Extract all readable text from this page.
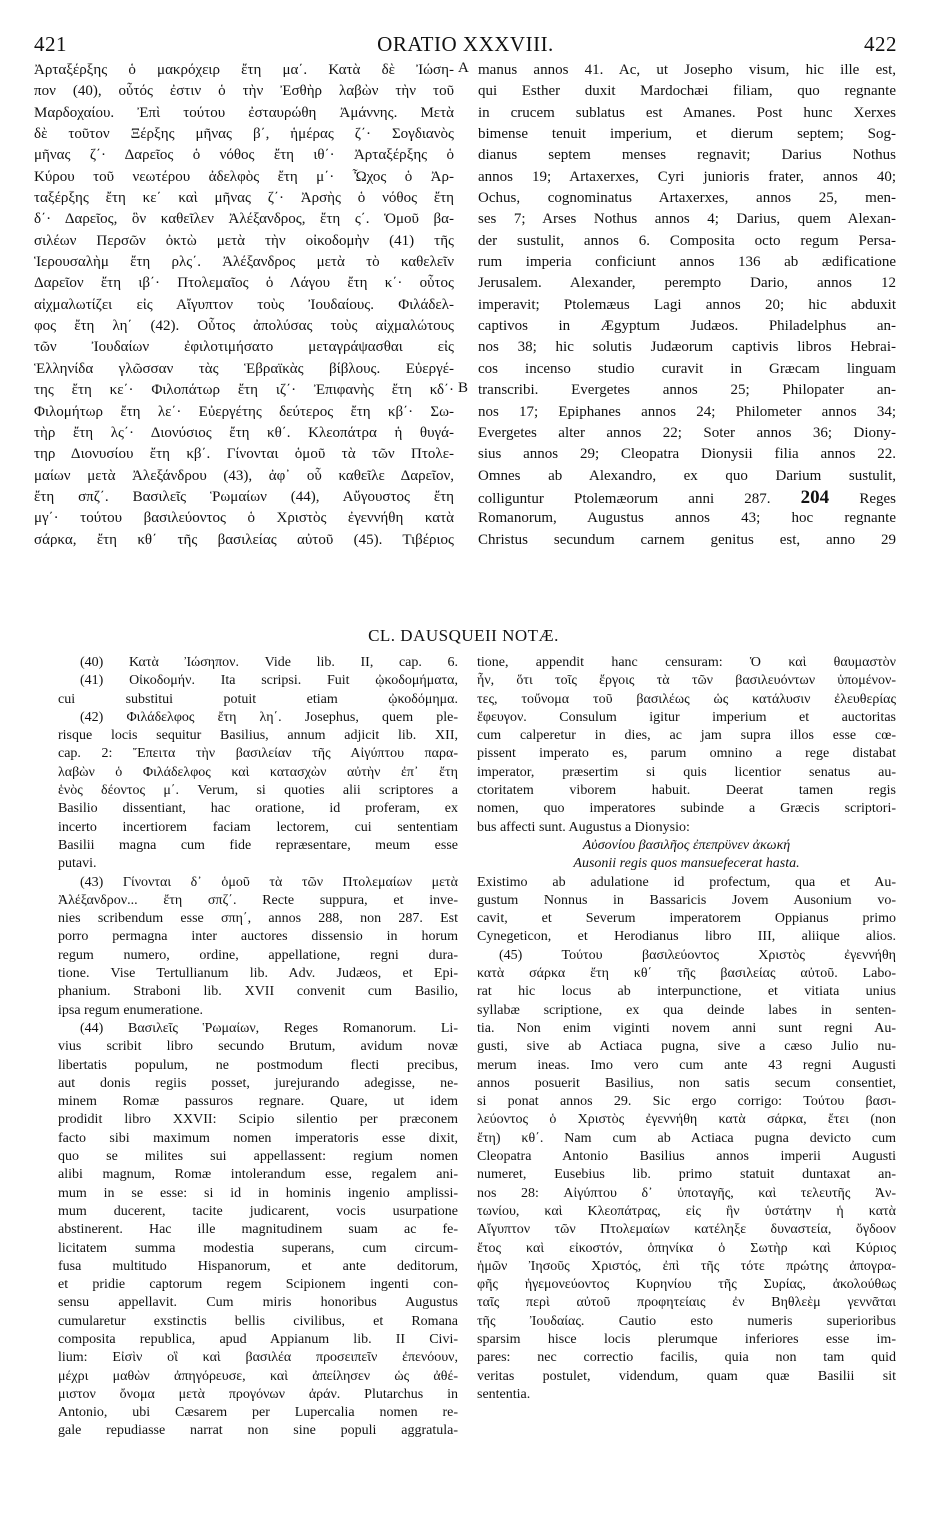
421	ORATIO XXXVIII.	422
Ἀρταξέρξης ὁ μακρόχειρ ἔτη μα΄. Κατὰ δὲ Ἰώση-
πον (40), οὗτός ἐστιν ὁ τὴν Ἐσθὴρ λαβὼν τὴν τοῦ
Μαρδοχαίου. Ἐπὶ τούτου ἐσταυρώθη Ἀμάννης. Μετὰ
δὲ τοῦτον Ξέρξης μῆνας β΄, ἡμέρας ζ΄· Σογδιανὸς
μῆνας ζ΄· Δαρεῖος ὁ νόθος ἔτη ιθ΄· Ἀρταξέρξης ὁ
Κύρου τοῦ νεωτέρου ἀδελφὸς ἔτη μ΄· Ὦχος ὁ Ἀρ-
ταξέρξης ἔτη κε΄ καὶ μῆνας ζ΄· Ἀρσὴς ὁ νόθος ἔτη
δ΄· Δαρεῖος, ὃν καθεῖλεν Ἀλέξανδρος, ἔτη ς΄. Ὁμοῦ βα-
σιλέων Περσῶν ὀκτὼ μετὰ τὴν οἰκοδομὴν (41) τῆς
Ἱερουσαλὴμ ἔτη ρλς΄. Ἀλέξανδρος μετὰ τὸ καθελεῖν
Δαρεῖον ἔτη ιβ΄· Πτολεμαῖος ὁ Λάγου ἔτη κ΄· οὗτος
αἰχμαλωτίζει εἰς Αἴγυπτον τοὺς Ἰουδαίους. Φιλάδελ-
φος ἔτη λη΄ (42). Οὗτος ἀπολύσας τοὺς αἰχμαλώτους
τῶν Ἰουδαίων ἐφιλοτιμήσατο μεταγράψασθαι εἰς
Ἑλληνίδα γλῶσσαν τὰς Ἑβραϊκὰς βίβλους. Εὐεργέ-
της ἔτη κε΄· Φιλοπάτωρ ἔτη ιζ΄· Ἐπιφανὴς ἔτη κδ΄·
Φιλομήτωρ ἔτη λε΄· Εὐεργέτης δεύτερος ἔτη κβ΄· Σω-
τὴρ ἔτη λς΄· Διονύσιος ἔτη κθ΄. Κλεοπάτρα ἡ θυγά-
τηρ Διονυσίου ἔτη κβ΄. Γίνονται ὁμοῦ τὰ τῶν Πτολε-
μαίων μετὰ Ἀλεξάνδρου (43), ἀφ᾽ οὗ καθεῖλε Δαρεῖον,
ἔτη σπζ΄. Βασιλεῖς Ῥωμαίων (44), Αὔγουστος ἔτη
μγ΄· τούτου βασιλεύοντος ὁ Χριστὸς ἐγεννήθη κατὰ
σάρκα, ἔτη κθ΄ τῆς βασιλείας αὐτοῦ (45). Τιβέριος
manus annos 41. Ac, ut Josepho visum, hic ille est,
qui Esther duxit Mardochæi filiam, quo regnante
in crucem sublatus est Amanes. Post hunc Xerxes
bimense tenuit imperium, et dierum septem; Sog-
dianus septem menses regnavit; Darius Nothus
annos 19; Artaxerxes, Cyri junioris frater, annos 40;
Ochus, cognominatus Artaxerxes, annos 25, men-
ses 7; Arses Nothus annos 4; Darius, quem Alexan-
der sustulit, annos 6. Composita octo regum Persa-
rum imperia conficiunt annos 136 ab ædificatione
Jerusalem. Alexander, perempto Dario, annos 12
imperavit; Ptolemæus Lagi annos 20; hic abduxit
captivos in Ægyptum Judæos. Philadelphus an-
nos 38; hic solutis Judæorum captivis libros Hebrai-
cos incenso studio curavit in Græcam linguam
transcribi. Evergetes annos 25; Philopater an-
nos 17; Epiphanes annos 24; Philometer annos 34;
Evergetes alter annos 22; Soter annos 36; Diony-
sius annos 29; Cleopatra Dionysii filia annos 22.
Omnes ab Alexandro, ex quo Darium sustulit,
colliguntur Ptolemæorum anni 287. 204 Reges
Romanorum, Augustus annos 43; hoc regnante
Christus secundum carnem genitus est, anno 29
A
B
CL. DAUSQUEII NOTÆ.
(40) Κατὰ Ἰώσηπον. Vide lib. II, cap. 6.
(41) Οἰκοδομήν. Ita scripsi. Fuit ᾠκοδομήματα,
cui substitui potuit etiam ᾠκοδόμημα.
(42) Φιλάδελφος ἔτη λη΄. Josephus, quem ple-
risque locis sequitur Basilius, annum adjicit lib. XII,
cap. 2: Ἔπειτα τὴν βασιλείαν τῆς Αἰγύπτου παρα-
λαβὼν ὁ Φιλάδελφος καὶ κατασχὼν αὐτὴν ἐπ᾽ ἔτη
ἑνὸς δέοντος μ΄. Verum, si quoties alii scriptores a
Basilio dissentiant, hac oratione, id proferam, ex
incerto incertiorem faciam lectorem, cui sententiam
Basilii magna cum fide repræsentare, meum esse
putavi.
(43) Γίνονται δ᾽ ὁμοῦ τὰ τῶν Πτολεμαίων μετὰ
Ἀλέξανδρον... ἔτη σπζ΄. Recte suppura, et inve-
nies scribendum esse σπη΄, annos 288, non 287. Est
porro permagna inter auctores dissensio in horum
regum numero, ordine, appellatione, regni dura-
tione. Vise Tertullianum lib. Adv. Judæos, et Epi-
phanium. Straboni lib. XVII convenit cum Basilio,
ipsa regum enumeratione.
(44) Βασιλεῖς Ῥωμαίων, Reges Romanorum. Li-
vius scribit libro secundo Brutum, avidum novæ
libertatis populum, ne postmodum flecti precibus,
aut donis regiis posset, jurejurando adegisse, ne-
minem Romæ passuros regnare. Quare, ut idem
prodidit libro XXVII: Scipio silentio per præconem
facto sibi maximum nomen imperatoris esse dixit,
quo se milites sui appellassent: regium nomen
alibi magnum, Romæ intolerandum esse, regalem ani-
mum in se esse: si id in hominis ingenio amplissi-
mum ducerent, tacite judicarent, vocis usurpatione
abstinerent. Hac ille magnitudinem suam ac fe-
licitatem summa modestia superans, cum circum-
fusa multitudo Hispanorum, et ante deditorum,
et pridie captorum regem Scipionem ingenti con-
sensu appellavit. Cum miris honoribus Augustus
cumularetur exstinctis bellis civilibus, et Romana
composita republica, apud Appianum lib. II Civi-
lium: Εἰσὶν οἳ καὶ βασιλέα προσειπεῖν ἐπενόουν,
μέχρι μαθὼν ἀπηγόρευσε, καὶ ἀπείλησεν ὡς ἀθέ-
μιστον ὄνομα μετὰ προγόνων ἀράν. Plutarchus in
Antonio, ubi Cæsarem per Lupercalia nomen re-
gale repudiasse narrat non sine populi aggratula-
tione, appendit hanc censuram: Ὁ καὶ θαυμαστὸν
ἦν, ὅτι τοῖς ἔργοις τὰ τῶν βασιλευόντων ὑπομένον-
τες, τοὔνομα τοῦ βασιλέως ὡς κατάλυσιν ἐλευθερίας
ἔφευγον. Consulum igitur imperium et auctoritas
cum calperetur in dies, ac jam supra illos esse cœ-
pissent imperato es, parum omnino a rege distabat
imperator, præsertim si quis licentior senatus au-
ctoritatem viborem habuit. Deerat tamen regis
nomen, quo imperatores subinde a Græcis scriptori-
bus affecti sunt. Augustus a Dionysio:
Αὐσονίου βασιλῆος ἐπεπρϋνεν ἀκωκή
Ausonii regis quos mansuefecerat hasta.
Existimo ab adulatione id profectum, qua et Au-
gustum Nonnus in Bassaricis Jovem Ausonium vo-
cavit, et Severum imperatorem Oppianus primo
Cynegeticon, et Herodianus libro III, aliique alios.
(45) Τούτου βασιλεύοντος Χριστὸς ἐγεννήθη
κατὰ σάρκα ἔτη κθ΄ τῆς βασιλείας αὐτοῦ. Labo-
rat hic locus ab interpunctione, et vitiata unius
syllabæ scriptione, ex qua deinde labes in senten-
tia. Non enim viginti novem anni sunt regni Au-
gusti, sive ab Actiaca pugna, sive a cæso Julio nu-
merum ineas. Imo vero cum ante 43 regni Augusti
annos posuerit Basilius, non satis secum consentiet,
si ponat annos 29. Sic ergo corrigo: Τούτου βασι-
λεύοντος ὁ Χριστὸς ἐγεννήθη κατὰ σάρκα, ἔτει (non
ἔτη) κθ΄. Nam cum ab Actiaca pugna devicto cum
Cleopatra Antonio Basilius annos imperii Augusti
numeret, Eusebius lib. primo statuit duntaxat an-
nos 28: Αἰγύπτου δ᾽ ὑποταγῆς, καὶ τελευτῆς Ἀν-
τωνίου, καὶ Κλεοπάτρας, εἰς ἣν ὑστάτην ἡ κατὰ
Αἴγυπτον τῶν Πτολεμαίων κατέληξε δυναστεία, ὄγδοον
ἔτος καὶ εἰκοστόν, ὁπηνίκα ὁ Σωτὴρ καὶ Κύριος
ἡμῶν Ἰησοῦς Χριστός, ἐπὶ τῆς τότε πρώτης ἀπογρα-
φῆς ἡγεμονεύοντος Κυρηνίου τῆς Συρίας, ἀκολούθως
ταῖς περὶ αὐτοῦ προφητείαις ἐν Βηθλεὲμ γεννᾶται
τῆς Ἰουδαίας. Cautio esto numeris superioribus
sparsim hisce locis plerumque inferiores esse im-
pares: nec correctio facilis, quia non tam quid
veritas postulet, videndum, quam quæ Basilii sit
sententia.
